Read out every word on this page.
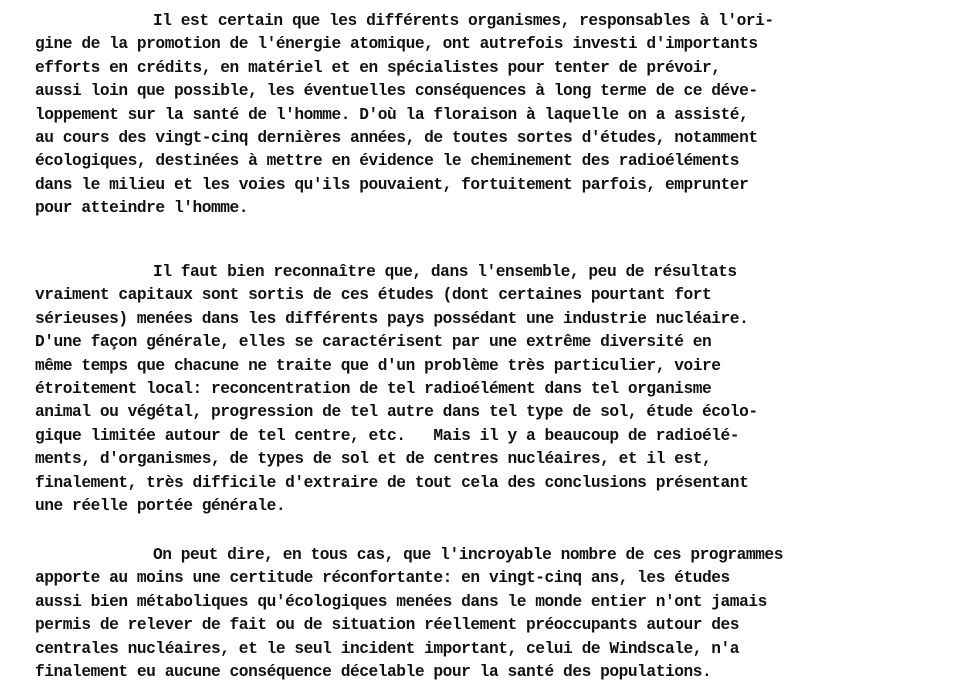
Il est certain que les différents organismes, responsables à l'ori-
gine de la promotion de l'énergie atomique, ont autrefois investi d'importants
efforts en crédits, en matériel et en spécialistes pour tenter de prévoir,
aussi loin que possible, les éventuelles conséquences à long terme de ce déve-
loppement sur la santé de l'homme. D'où la floraison à laquelle on a assisté,
au cours des vingt-cinq dernières années, de toutes sortes d'études, notamment
écologiques, destinées à mettre en évidence le cheminement des radioéléments
dans le milieu et les voies qu'ils pouvaient, fortuitement parfois, emprunter
pour atteindre l'homme.
Il faut bien reconnaître que, dans l'ensemble, peu de résultats
vraiment capitaux sont sortis de ces études (dont certaines pourtant fort
sérieuses) menées dans les différents pays possédant une industrie nucléaire.
D'une façon générale, elles se caractérisent par une extrême diversité en
même temps que chacune ne traite que d'un problème très particulier, voire
étroitement local: reconcentration de tel radioélément dans tel organisme
animal ou végétal, progression de tel autre dans tel type de sol, étude écolo-
gique limitée autour de tel centre, etc.   Mais il y a beaucoup de radioélé-
ments, d'organismes, de types de sol et de centres nucléaires, et il est,
finalement, très difficile d'extraire de tout cela des conclusions présentant
une réelle portée générale.
On peut dire, en tous cas, que l'incroyable nombre de ces programmes
apporte au moins une certitude réconfortante: en vingt-cinq ans, les études
aussi bien métaboliques qu'écologiques menées dans le monde entier n'ont jamais
permis de relever de fait ou de situation réellement préoccupants autour des
centrales nucléaires, et le seul incident important, celui de Windscale, n'a
finalement eu aucune conséquence décelable pour la santé des populations.
